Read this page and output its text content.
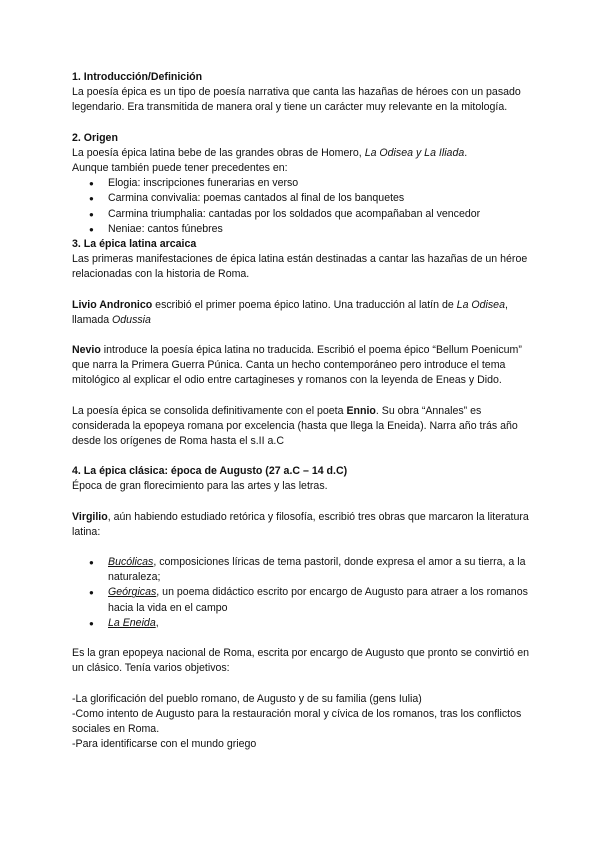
1. Introducción/Definición
La poesía épica es un tipo de poesía narrativa que canta las hazañas de héroes con un pasado legendario. Era transmitida de manera oral y tiene un carácter muy relevante en la mitología.
2. Origen
La poesía épica latina bebe de las grandes obras de Homero, La Odisea y La Iliada.
Aunque también puede tener precedentes en:
● Elogia: inscripciones funerarias en verso
● Carmina convivalia: poemas cantados al final de los banquetes
● Carmina triumphalia: cantadas por los soldados que acompañaban al vencedor
● Neniae: cantos fúnebres
3. La épica latina arcaica
Las primeras manifestaciones de épica latina están destinadas a cantar las hazañas de un héroe relacionadas con la historia de Roma.
Livio Andronico escribió el primer poema épico latino. Una traducción al latín de La Odisea, llamada Odussia
Nevio introduce la poesía épica latina no traducida. Escribió el poema épico “Bellum Poenicum” que narra la Primera Guerra Púnica. Canta un hecho contemporáneo pero introduce el tema mitológico al explicar el odio entre cartagineses y romanos con la leyenda de Eneas y Dido.
La poesía épica se consolida definitivamente con el poeta Ennio. Su obra “Annales” es considerada la epopeya romana por excelencia (hasta que llega la Eneida). Narra año trás año desde los orígenes de Roma hasta el s.II a.C
4. La épica clásica: época de Augusto (27 a.C – 14 d.C)
Época de gran florecimiento para las artes y las letras.
Virgilio, aún habiendo estudiado retórica y filosofía, escribió tres obras que marcaron la literatura latina:
● Bucólicas, composiciones líricas de tema pastoril, donde expresa el amor a su tierra, a la naturaleza;
● Geórgicas, un poema didáctico escrito por encargo de Augusto para atraer a los romanos hacia la vida en el campo
● La Eneida,
Es la gran epopeya nacional de Roma, escrita por encargo de Augusto que pronto se convirtió en un clásico. Tenía varios objetivos:
-La glorificación del pueblo romano, de Augusto y de su familia (gens Iulia)
-Como intento de Augusto para la restauración moral y cívica de los romanos, tras los conflictos sociales en Roma.
-Para identificarse con el mundo griego
